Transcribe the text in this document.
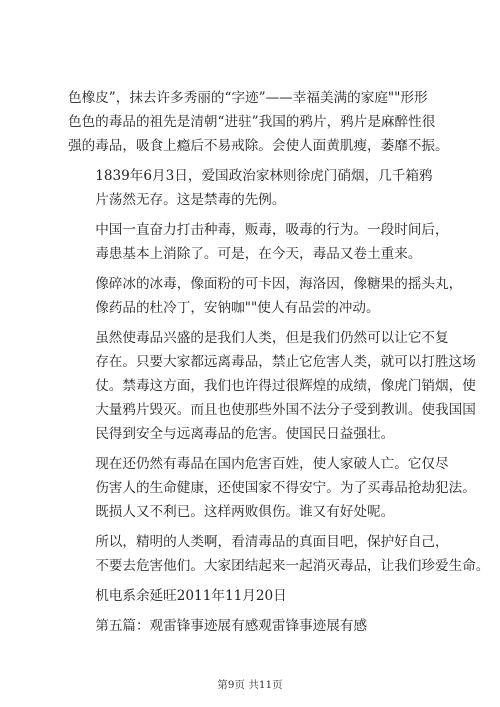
色橡皮”，抹去许多秀丽的“字迹”——幸福美满的家庭""形形
色色的毒品的祖先是清朝“进驻”我国的鸦片，鸦片是麻醉性很
强的毒品，吸食上瘾后不易戒除。会使人面黄肌瘦，萎靡不振。

1839年6月3日，爱国政治家林则徐虎门硝烟，几千箱鸦
片荡然无存。这是禁毒的先例。

中国一直奋力打击种毒，贩毒，吸毒的行为。一段时间后，
毒患基本上消除了。可是，在今天，毒品又卷土重来。

像碎冰的冰毒，像面粉的可卡因，海洛因，像糖果的摇头丸，
像药品的杜冷丁，安钠咖""使人有品尝的冲动。

虽然使毒品兴盛的是我们人类，但是我们仍然可以让它不复
存在。只要大家都远离毒品，禁止它危害人类，就可以打胜这场
仗。禁毒这方面，我们也许得过很辉煌的成绩，像虎门销烟，使
大量鸦片毁灭。而且也使那些外国不法分子受到教训。使我国国
民得到安全与远离毒品的危害。使国民日益强壮。

现在还仍然有毒品在国内危害百姓，使人家破人亡。它仅尽
伤害人的生命健康，还使国家不得安宁。为了买毒品抢劫犯法。
既损人又不利已。这样两败俱伤。谁又有好处呢。

所以，精明的人类啊，看清毒品的真面目吧，保护好自己，
不要去危害他们。大家团结起来一起消灭毒品，让我们珍爱生命。

机电系余延旺2011年11月20日

第五篇：观雷锋事迹展有感观雷锋事迹展有感

第9页 共11页
